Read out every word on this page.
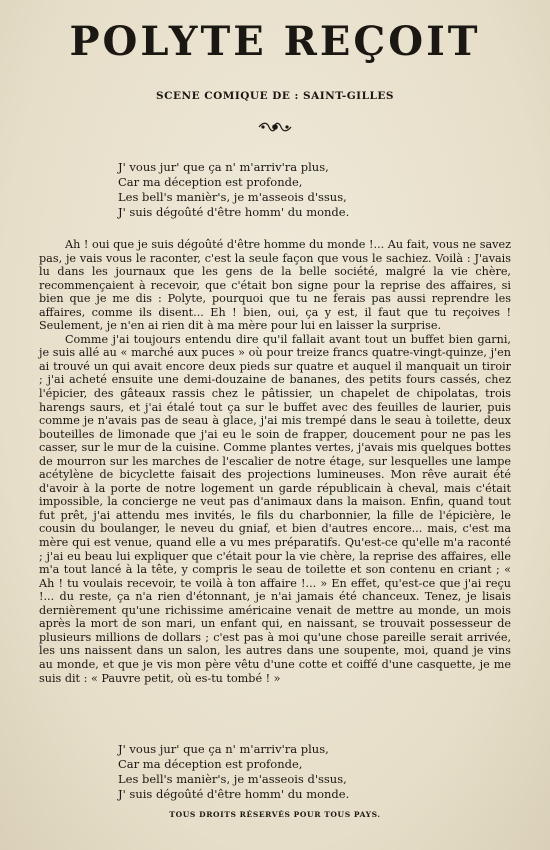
POLYTE REÇOIT
SCENE COMIQUE DE : SAINT-GILLES
J' vous jur' que ça n' m'arriv'ra plus,
Car ma déception est profonde,
Les bell's manièr's, je m'asseois d'ssus,
J' suis dégoûté d'être homm' du monde.

Ah ! oui que je suis dégoûté d'être homme du monde !... Au fait, vous ne savez pas, je vais vous le raconter, c'est la seule façon que vous le sachiez. Voilà : J'avais lu dans les journaux que les gens de la belle société, malgré la vie chère, recommençaient à recevoir, que c'était bon signe pour la reprise des affaires, si bien que je me dis : Polyte, pourquoi que tu ne ferais pas aussi reprendre les affaires, comme ils disent... Eh ! bien, oui, ça y est, il faut que tu reçoives ! Seulement, je n'en ai rien dit à ma mère pour lui en laisser la surprise.

Comme j'ai toujours entendu dire qu'il fallait avant tout un buffet bien garni, je suis allé au « marché aux puces » où pour treize francs quatre-vingt-quinze, j'en ai trouvé un qui avait encore deux pieds sur quatre et auquel il manquait un tiroir ; j'ai acheté ensuite une demi-douzaine de bananes, des petits fours cassés, chez l'épicier, des gâteaux rassis chez le pâtissier, un chapelet de chipolatas, trois harengs saurs, et j'ai étalé tout ça sur le buffet avec des feuilles de laurier, puis comme je n'avais pas de seau à glace, j'ai mis trempé dans le seau à toilette, deux bouteilles de limonade que j'ai eu le soin de frapper, doucement pour ne pas les casser, sur le mur de la cuisine. Comme plantes vertes, j'avais mis quelques bottes de mourron sur les marches de l'escalier de notre étage, sur lesquelles une lampe acétylène de bicyclette faisait des projections lumineuses. Mon rêve aurait été d'avoir à la porte de notre logement un garde républicain à cheval, mais c'était impossible, la concierge ne veut pas d'animaux dans la maison. Enfin, quand tout fut prêt, j'ai attendu mes invités, le fils du charbonnier, la fille de l'épicière, le cousin du boulanger, le neveu du gniaf, et bien d'autres encore... mais, c'est ma mère qui est venue, quand elle a vu mes préparatifs. Qu'est-ce qu'elle m'a raconté ; j'ai eu beau lui expliquer que c'était pour la vie chère, la reprise des affaires, elle m'a tout lancé à la tête, y compris le seau de toilette et son contenu en criant ; « Ah ! tu voulais recevoir, te voilà à ton affaire !... » En effet, qu'est-ce que j'ai reçu !... du reste, ça n'a rien d'étonnant, je n'ai jamais été chanceux. Tenez, je lisais dernièrement qu'une richissime américaine venait de mettre au monde, un mois après la mort de son mari, un enfant qui, en naissant, se trouvait possesseur de plusieurs millions de dollars ; c'est pas à moi qu'une chose pareille serait arrivée, les uns naissent dans un salon, les autres dans une soupente, moi, quand je vins au monde, et que je vis mon père vêtu d'une cotte et coiffé d'une casquette, je me suis dit : « Pauvre petit, où es-tu tombé ! »

J' vous jur' que ça n' m'arriv'ra plus,
Car ma déception est profonde,
Les bell's manièr's, je m'asseois d'ssus,
J' suis dégoûté d'être homm' du monde.
TOUS DROITS RÉSERVÉS POUR TOUS PAYS.
